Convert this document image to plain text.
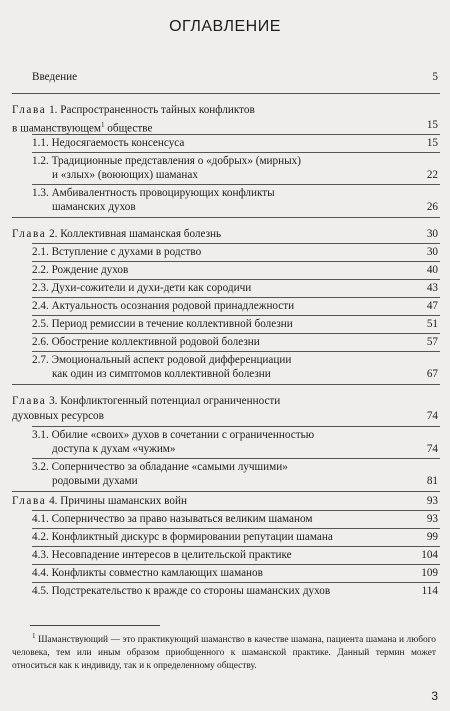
ОГЛАВЛЕНИЕ
Введение	5
Глава 1. Распространенность тайных конфликтов
в шаманствующем$^1$ обществе	15
1.1. Недосягаемость консенсуса	15
1.2. Традиционные представления о «добрых» (мирных)
и «злых» (воюющих) шаманах	22
1.3. Амбивалентность провоцирующих конфликты
шаманских духов	26
Глава 2. Коллективная шаманская болезнь	30
2.1. Вступление с духами в родство	30
2.2. Рождение духов	40
2.3. Духи-сожители и духи-дети как сородичи	43
2.4. Актуальность осознания родовой принадлежности	47
2.5. Период ремиссии в течение коллективной болезни	51
2.6. Обострение коллективной родовой болезни	57
2.7. Эмоциональный аспект родовой дифференциации
как один из симптомов коллективной болезни	67
Глава 3. Конфликтогенный потенциал ограниченности
духовных ресурсов	74
3.1. Обилие «своих» духов в сочетании с ограниченностью
доступа к духам «чужим»	74
3.2. Соперничество за обладание «самыми лучшими»
родовыми духами	81
Глава 4. Причины шаманских войн	93
4.1. Соперничество за право называться великим шаманом	93
4.2. Конфликтный дискурс в формировании репутации шамана	99
4.3. Несовпадение интересов в целительской практике	104
4.4. Конфликты совместно камлающих шаманов	109
4.5. Подстрекательство к вражде со стороны шаманских духов	114
$^1$ Шаманствующий — это практикующий шаманство в качестве шамана, пациента шамана и любого человека, тем или иным образом приобщенного к шаманской практике. Данный термин может относиться как к индивиду, так и к определенному обществу.
3
